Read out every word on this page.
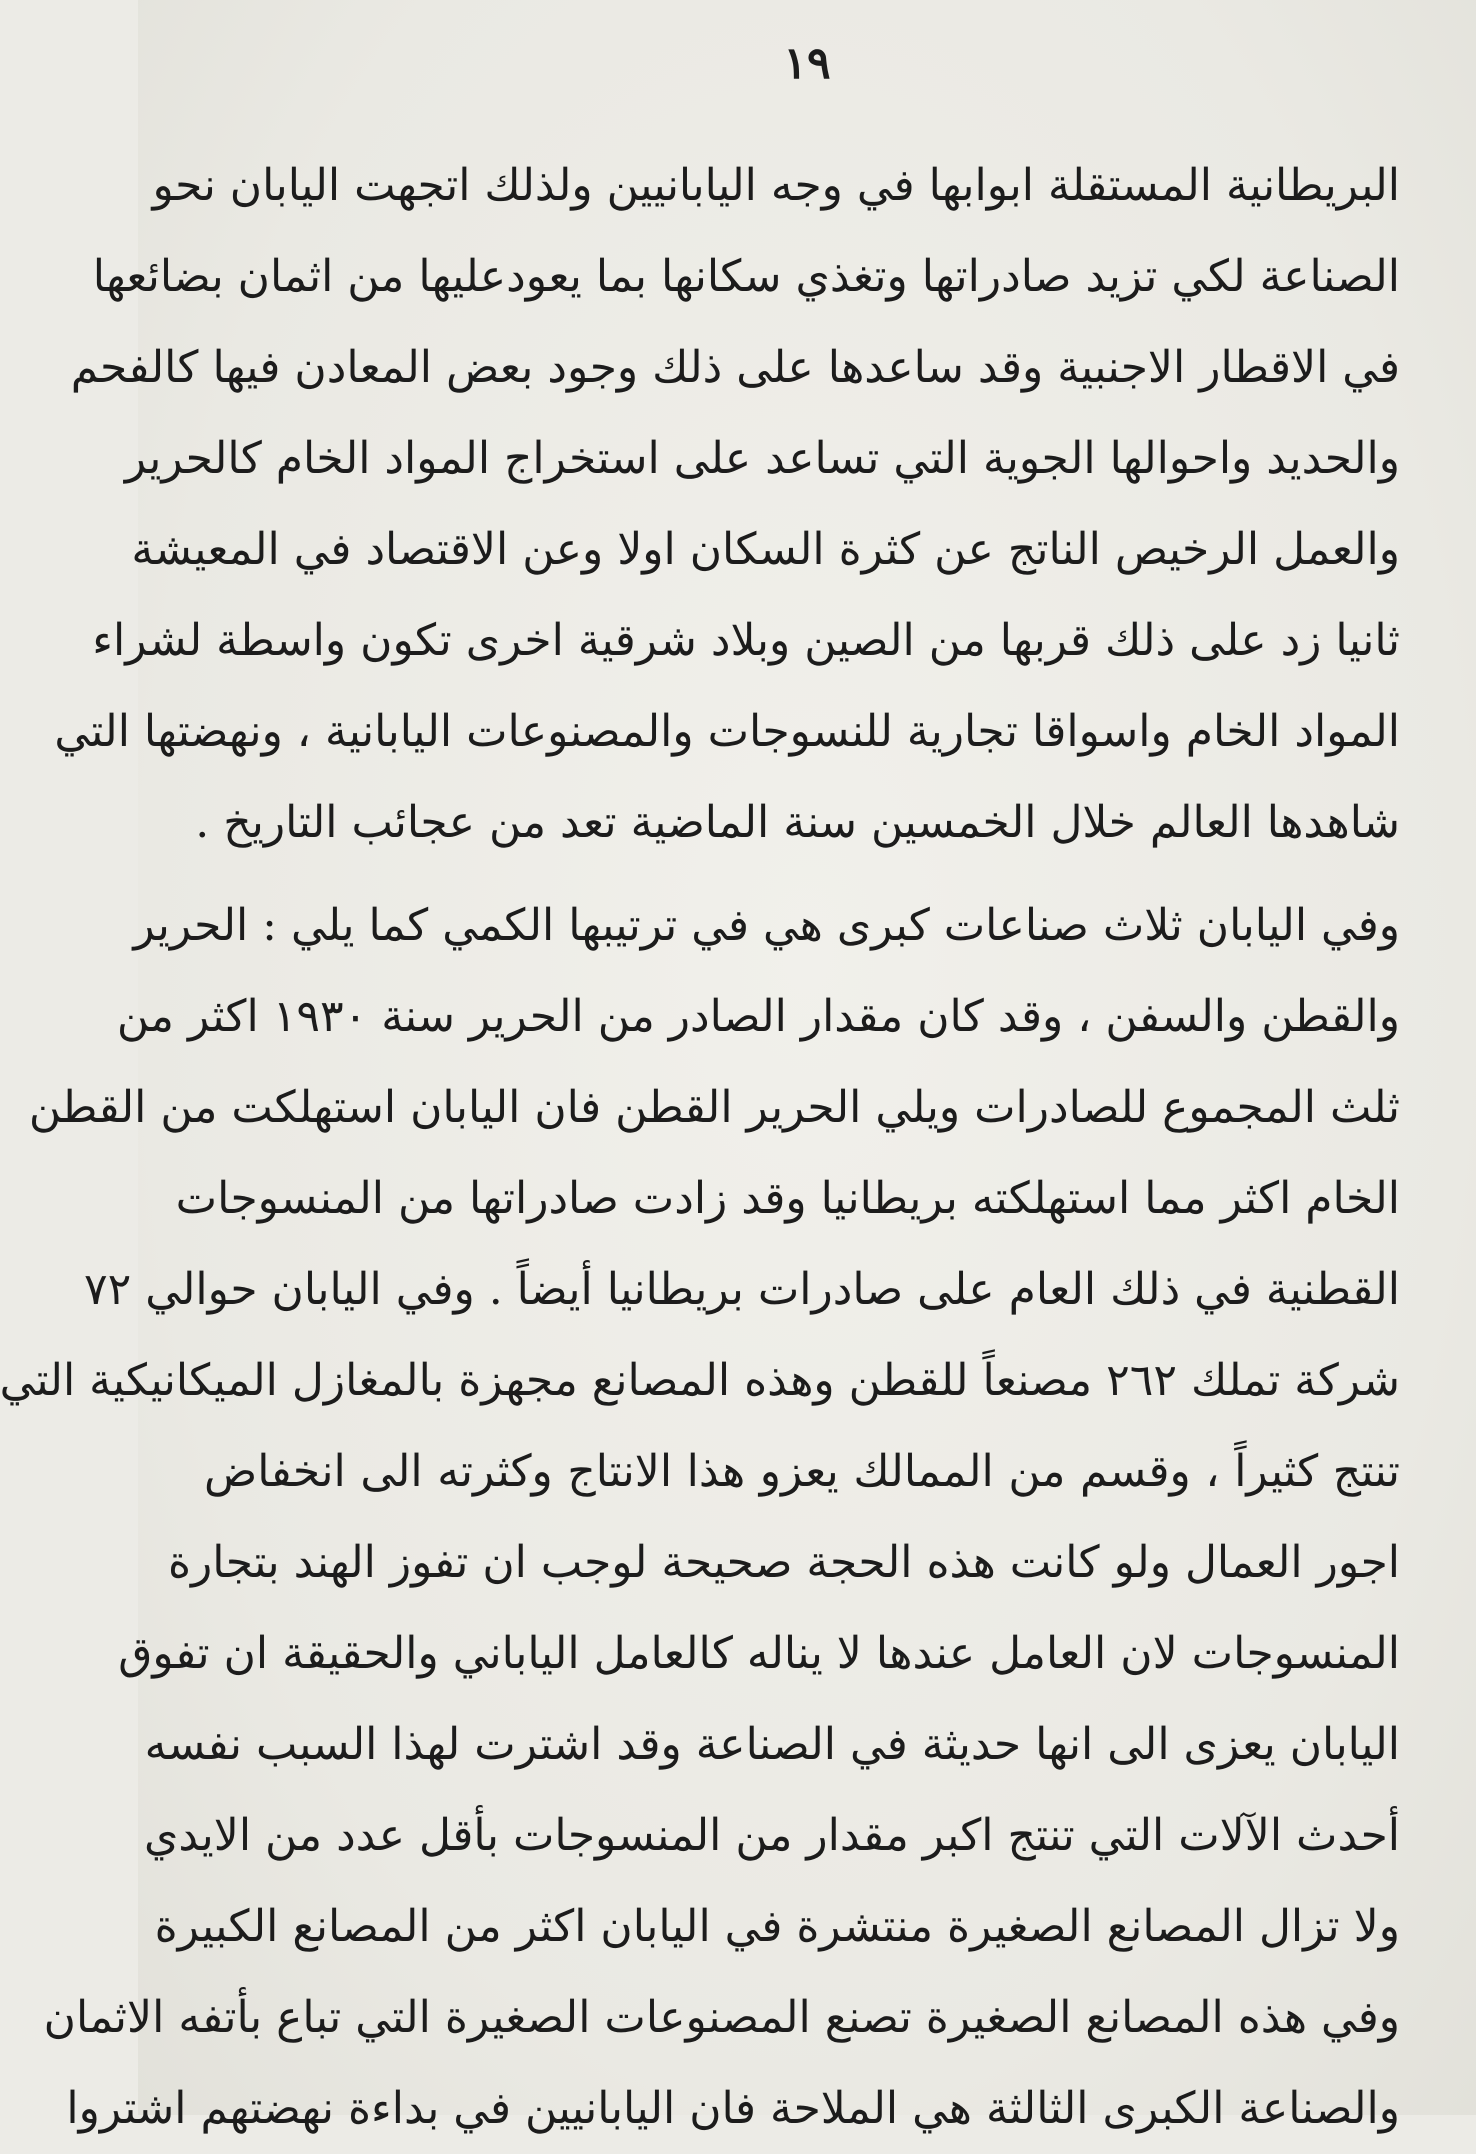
١٩
البريطانية المستقلة ابوابها في وجه اليابانيين ولذلك اتجهت اليابان نحو
الصناعة لكي تزيد صادراتها وتغذي سكانها بما يعودعليها من اثمان بضائعها
في الاقطار الاجنبية وقد ساعدها على ذلك وجود بعض المعادن فيها كالفحم
والحديد واحوالها الجوية التي تساعد على استخراج المواد الخام كالحرير
والعمل الرخيص الناتج عن كثرة السكان اولا وعن الاقتصاد في المعيشة
ثانيا زد على ذلك قربها من الصين وبلاد شرقية اخرى تكون واسطة لشراء
المواد الخام واسواقا تجارية للنسوجات والمصنوعات اليابانية ، ونهضتها التي
شاهدها العالم خلال الخمسين سنة الماضية تعد من عجائب التاريخ .
وفي اليابان ثلاث صناعات كبرى هي في ترتيبها الكمي كما يلي : الحرير
والقطن والسفن ، وقد كان مقدار الصادر من الحرير سنة ١٩٣٠ اكثر من
ثلث المجموع للصادرات ويلي الحرير القطن فان اليابان استهلكت من القطن
الخام اكثر مما استهلكته بريطانيا وقد زادت صادراتها من المنسوجات
القطنية في ذلك العام على صادرات بريطانيا أيضاً . وفي اليابان حوالي ٧٢
شركة تملك ٢٦٢ مصنعاً للقطن وهذه المصانع مجهزة بالمغازل الميكانيكية التي
تنتج كثيراً ، وقسم من الممالك يعزو هذا الانتاج وكثرته الى انخفاض
اجور العمال ولو كانت هذه الحجة صحيحة لوجب ان تفوز الهند بتجارة
المنسوجات لان العامل عندها لا يناله كالعامل الياباني والحقيقة ان تفوق
اليابان يعزى الى انها حديثة في الصناعة وقد اشترت لهذا السبب نفسه
أحدث الآلات التي تنتج اكبر مقدار من المنسوجات بأقل عدد من الايدي
ولا تزال المصانع الصغيرة منتشرة في اليابان اكثر من المصانع الكبيرة
وفي هذه المصانع الصغيرة تصنع المصنوعات الصغيرة التي تباع بأتفه الاثمان
والصناعة الكبرى الثالثة هي الملاحة فان اليابانيين في بداءة نهضتهم اشتروا
